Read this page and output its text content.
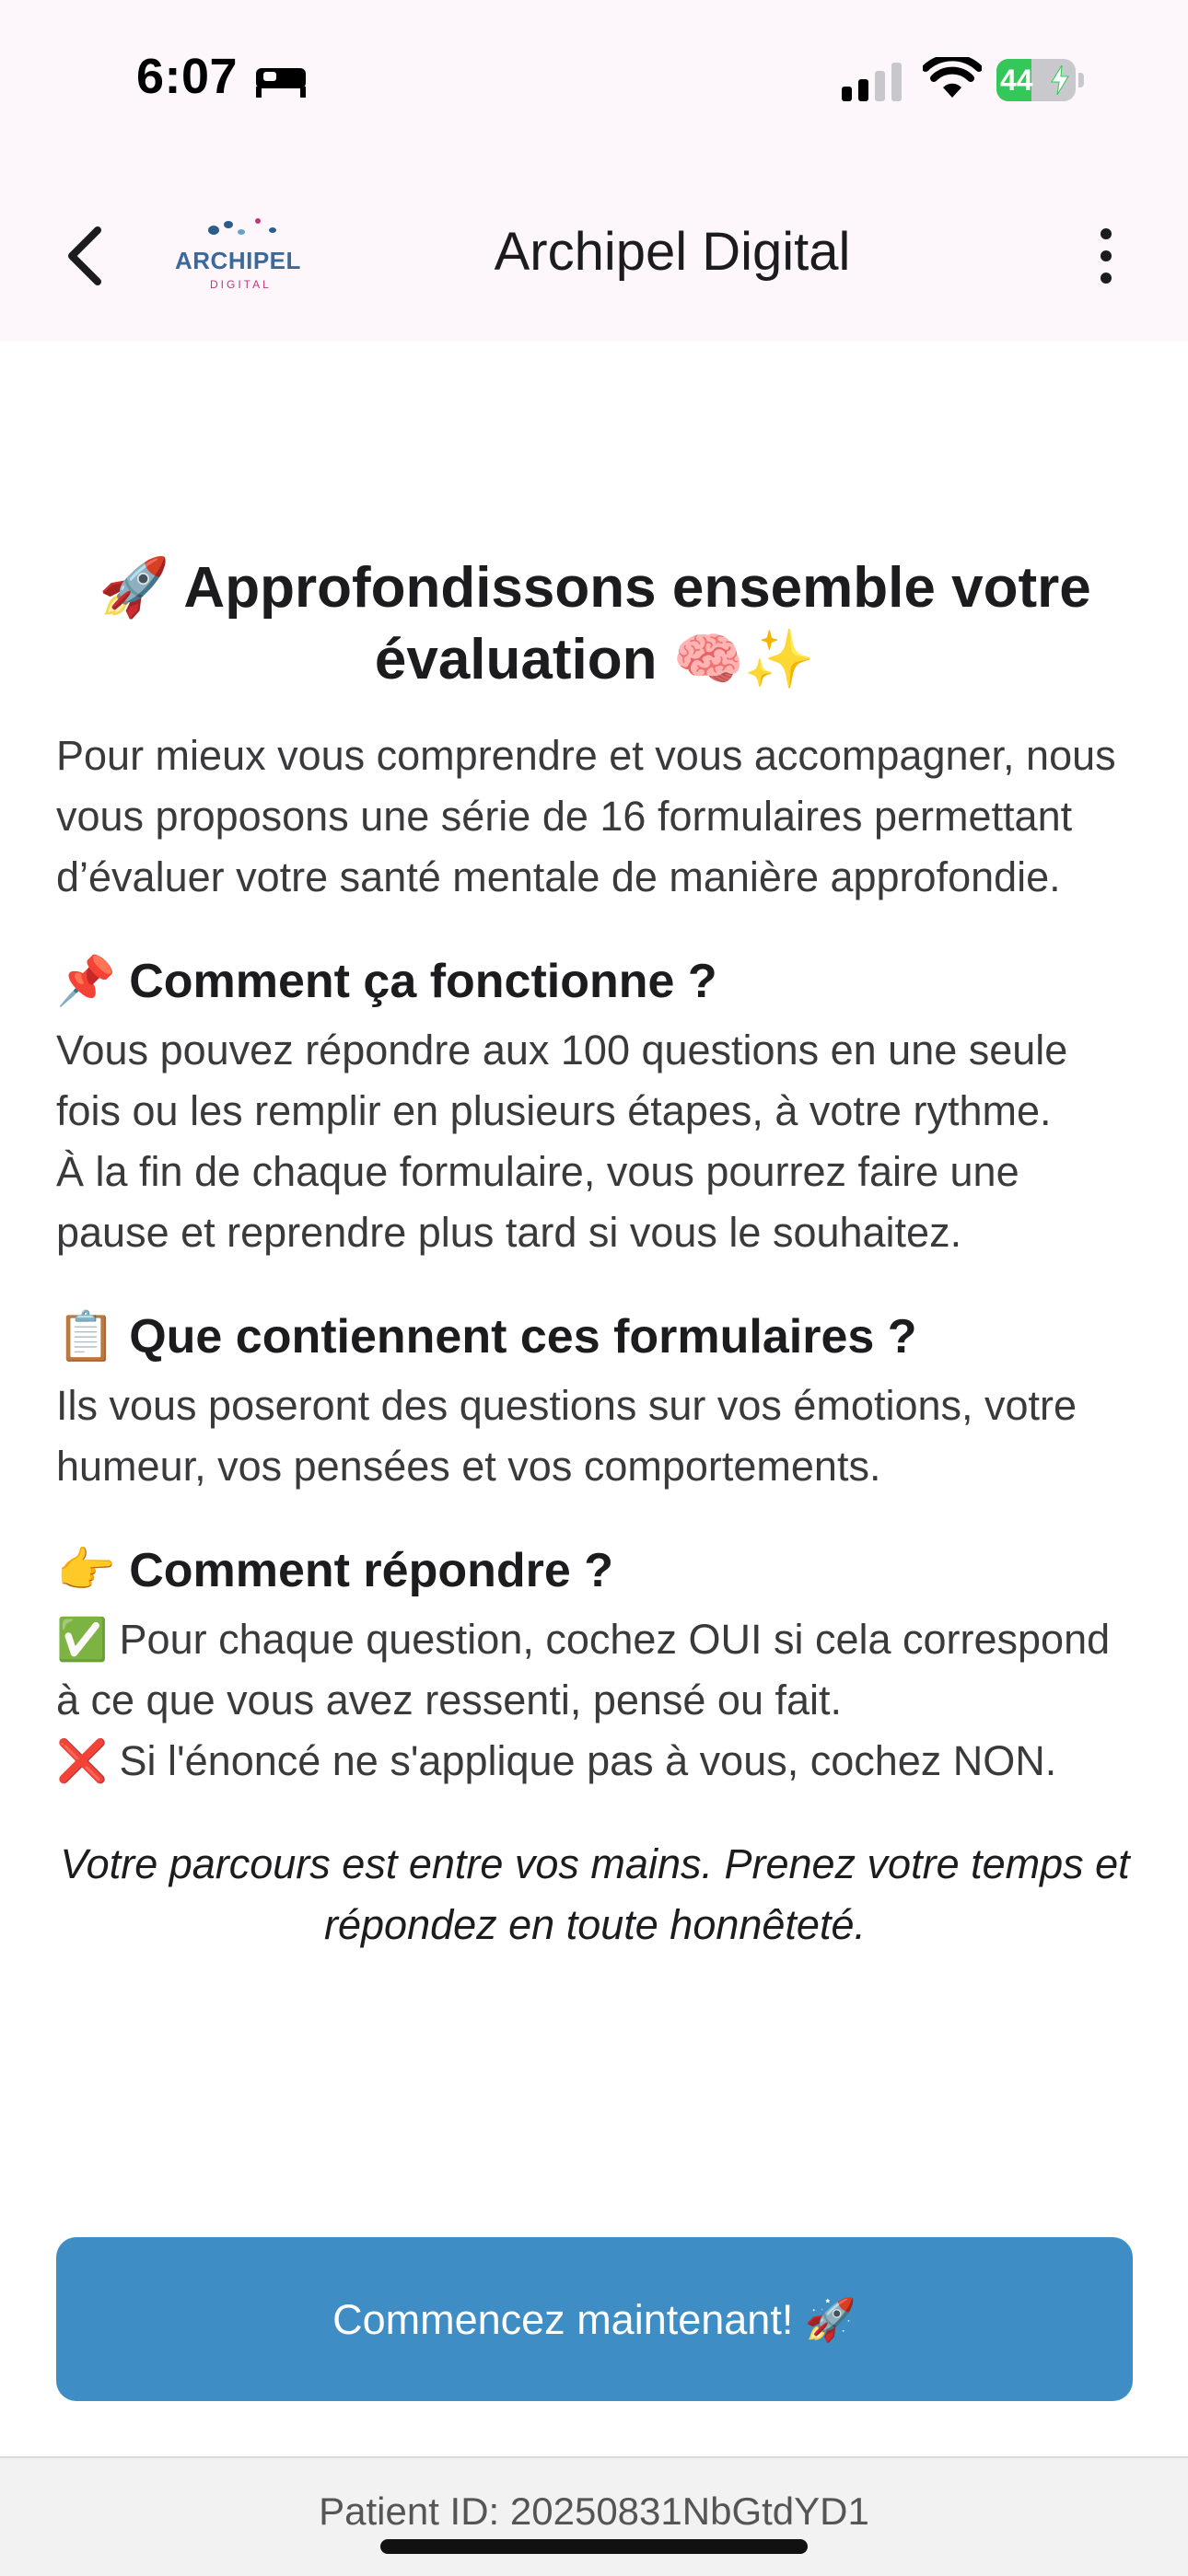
6:07	44
ARCHIPEL
DIGITAL
Archipel Digital
🚀 Approfondissons ensemble votre
évaluation 🧠✨

Pour mieux vous comprendre et vous accompagner, nous vous proposons une série de 16 formulaires permettant d’évaluer votre santé mentale de manière approfondie.

📌 Comment ça fonctionne ?

Vous pouvez répondre aux 100 questions en une seule fois ou les remplir en plusieurs étapes, à votre rythme.
À la fin de chaque formulaire, vous pourrez faire une pause et reprendre plus tard si vous le souhaitez.

📋 Que contiennent ces formulaires ?

Ils vous poseront des questions sur vos émotions, votre humeur, vos pensées et vos comportements.

👉 Comment répondre ?

✅ Pour chaque question, cochez OUI si cela correspond à ce que vous avez ressenti, pensé ou fait.
❌ Si l'énoncé ne s'applique pas à vous, cochez NON.

Votre parcours est entre vos mains. Prenez votre temps et répondez en toute honnêteté.

Commencez maintenant! 🚀
Patient ID: 20250831NbGtdYD1
